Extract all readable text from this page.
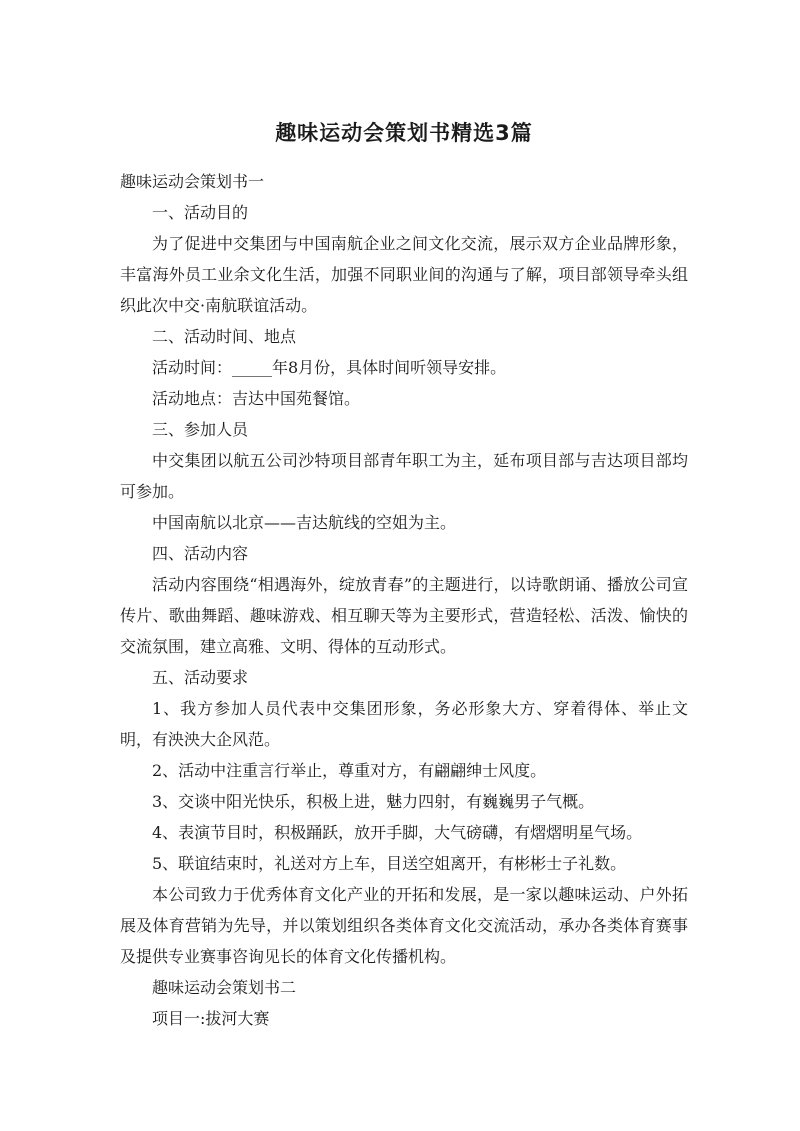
趣味运动会策划书精选3篇

趣味运动会策划书一

一、活动目的

为了促进中交集团与中国南航企业之间文化交流，展示双方企业品牌形象，丰富海外员工业余文化生活，加强不同职业间的沟通与了解，项目部领导牵头组织此次中交·南航联谊活动。

二、活动时间、地点

活动时间：_____年8月份，具体时间听领导安排。

活动地点：吉达中国苑餐馆。

三、参加人员

中交集团以航五公司沙特项目部青年职工为主，延布项目部与吉达项目部均可参加。

中国南航以北京——吉达航线的空姐为主。

四、活动内容

活动内容围绕“相遇海外，绽放青春”的主题进行，以诗歌朗诵、播放公司宣传片、歌曲舞蹈、趣味游戏、相互聊天等为主要形式，营造轻松、活泼、愉快的交流氛围，建立高雅、文明、得体的互动形式。

五、活动要求

1、我方参加人员代表中交集团形象，务必形象大方、穿着得体、举止文明，有泱泱大企风范。

2、活动中注重言行举止，尊重对方，有翩翩绅士风度。

3、交谈中阳光快乐，积极上进，魅力四射，有巍巍男子气概。

4、表演节目时，积极踊跃，放开手脚，大气磅礴，有熠熠明星气场。

5、联谊结束时，礼送对方上车，目送空姐离开，有彬彬士子礼数。

本公司致力于优秀体育文化产业的开拓和发展，是一家以趣味运动、户外拓展及体育营销为先导，并以策划组织各类体育文化交流活动，承办各类体育赛事及提供专业赛事咨询见长的体育文化传播机构。

趣味运动会策划书二

项目一:拔河大赛
